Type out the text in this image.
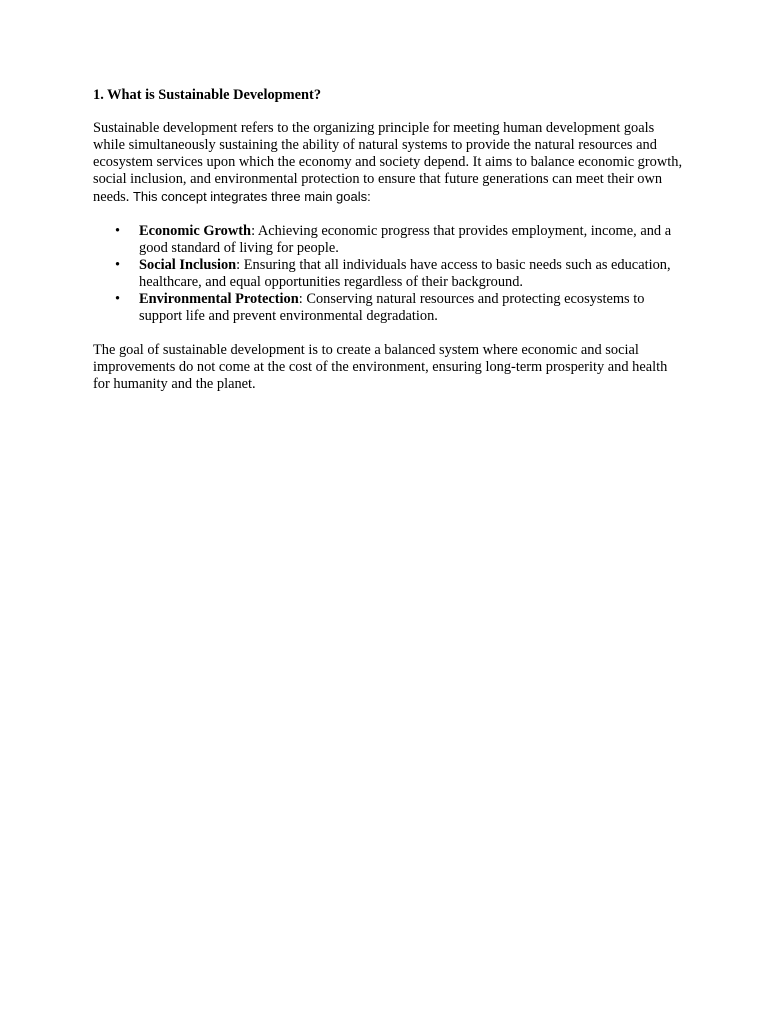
1. What is Sustainable Development?

Sustainable development refers to the organizing principle for meeting human development goals while simultaneously sustaining the ability of natural systems to provide the natural resources and ecosystem services upon which the economy and society depend. It aims to balance economic growth, social inclusion, and environmental protection to ensure that future generations can meet their own needs. This concept integrates three main goals:

• Economic Growth: Achieving economic progress that provides employment, income, and a good standard of living for people.
• Social Inclusion: Ensuring that all individuals have access to basic needs such as education, healthcare, and equal opportunities regardless of their background.
• Environmental Protection: Conserving natural resources and protecting ecosystems to support life and prevent environmental degradation.

The goal of sustainable development is to create a balanced system where economic and social improvements do not come at the cost of the environment, ensuring long-term prosperity and health for humanity and the planet.
